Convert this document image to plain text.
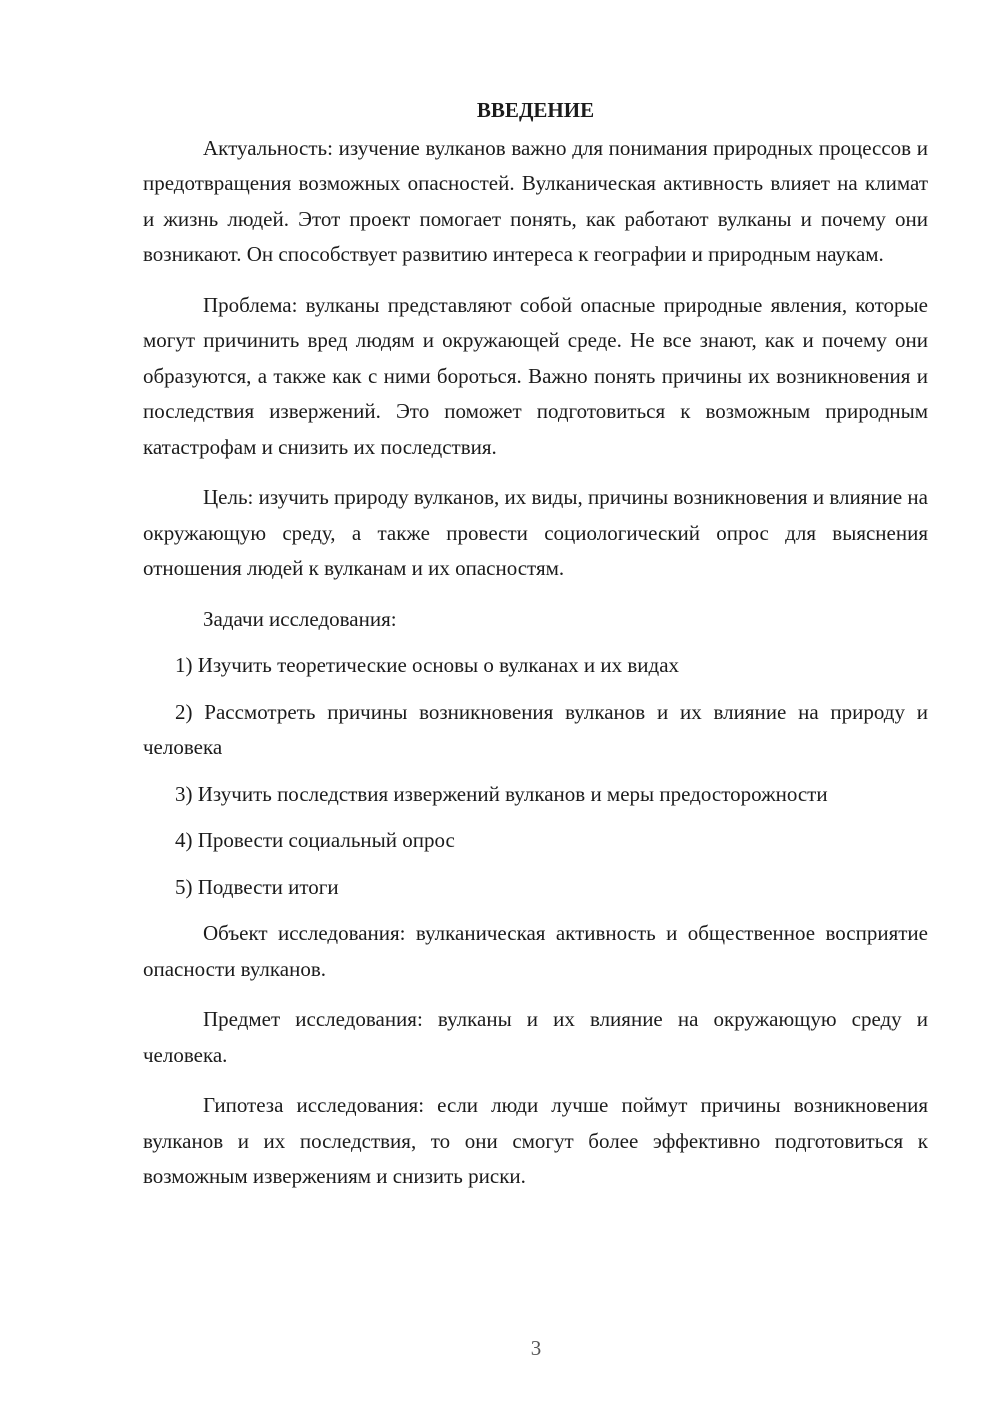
ВВЕДЕНИЕ

Актуальность: изучение вулканов важно для понимания природных процессов и предотвращения возможных опасностей. Вулканическая активность влияет на климат и жизнь людей. Этот проект помогает понять, как работают вулканы и почему они возникают. Он способствует развитию интереса к географии и природным наукам.

Проблема: вулканы представляют собой опасные природные явления, которые могут причинить вред людям и окружающей среде. Не все знают, как и почему они образуются, а также как с ними бороться. Важно понять причины их возникновения и последствия извержений. Это поможет подготовиться к возможным природным катастрофам и снизить их последствия.

Цель: изучить природу вулканов, их виды, причины возникновения и влияние на окружающую среду, а также провести социологический опрос для выяснения отношения людей к вулканам и их опасностям.

Задачи исследования:

1) Изучить теоретические основы о вулканах и их видах

2) Рассмотреть причины возникновения вулканов и их влияние на природу и человека

3) Изучить последствия извержений вулканов и меры предосторожности

4) Провести социальный опрос

5) Подвести итоги

Объект исследования: вулканическая активность и общественное восприятие опасности вулканов.

Предмет исследования: вулканы и их влияние на окружающую среду и человека.

Гипотеза исследования: если люди лучше поймут причины возникновения вулканов и их последствия, то они смогут более эффективно подготовиться к возможным извержениям и снизить риски.

3
